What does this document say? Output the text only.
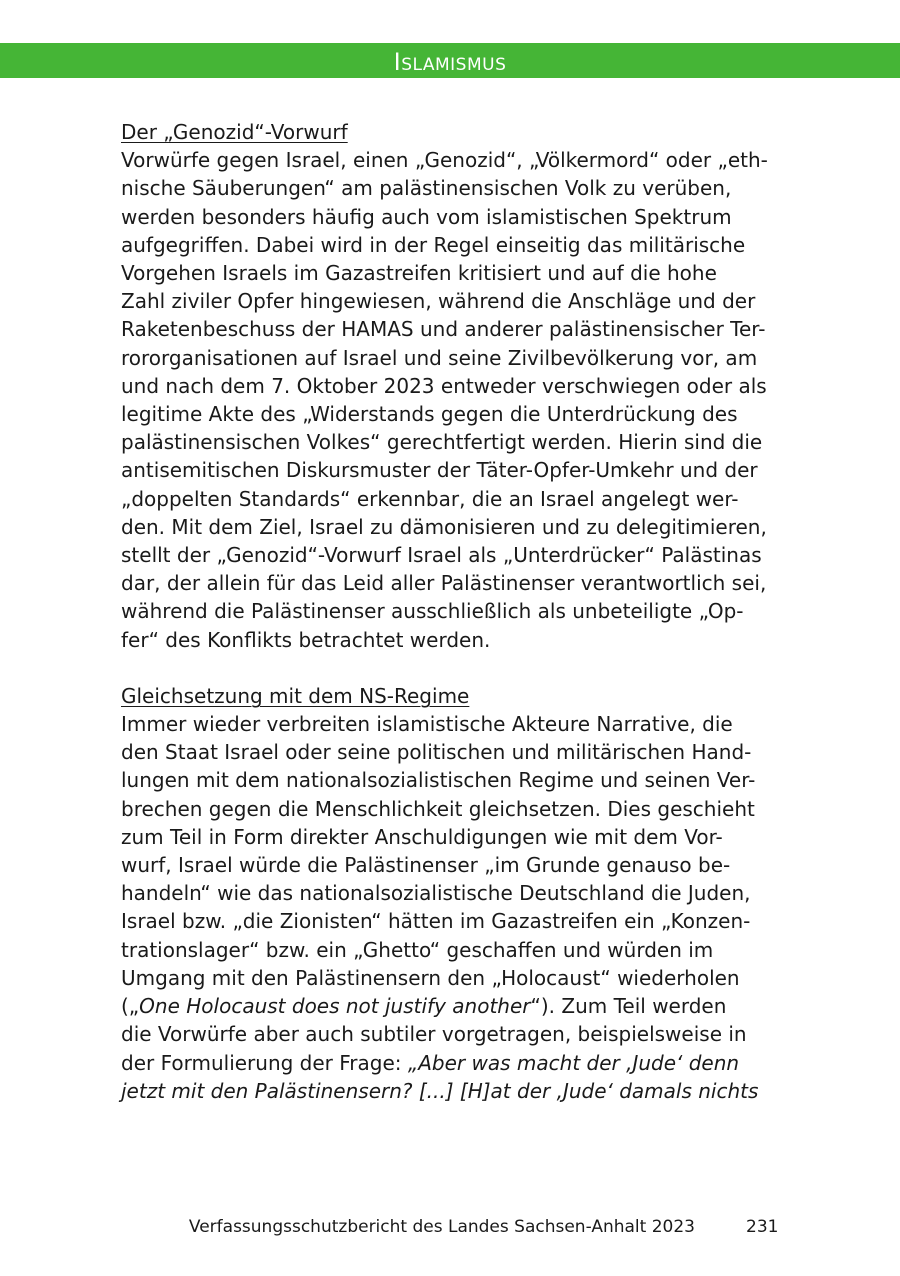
Islamismus
Der „Genozid“-Vorwurf

Vorwürfe gegen Israel, einen „Genozid“, „Völkermord“ oder „eth-
nische Säuberungen“ am palästinensischen Volk zu verüben,
werden besonders häufig auch vom islamistischen Spektrum
aufgegriffen. Dabei wird in der Regel einseitig das militärische
Vorgehen Israels im Gazastreifen kritisiert und auf die hohe
Zahl ziviler Opfer hingewiesen, während die Anschläge und der
Raketenbeschuss der HAMAS und anderer palästinensischer Ter-
rororganisationen auf Israel und seine Zivilbevölkerung vor, am
und nach dem 7. Oktober 2023 entweder verschwiegen oder als
legitime Akte des „Widerstands gegen die Unterdrückung des
palästinensischen Volkes“ gerechtfertigt werden. Hierin sind die
antisemitischen Diskursmuster der Täter-Opfer-Umkehr und der
„doppelten Standards“ erkennbar, die an Israel angelegt wer-
den. Mit dem Ziel, Israel zu dämonisieren und zu delegitimieren,
stellt der „Genozid“-Vorwurf Israel als „Unterdrücker“ Palästinas
dar, der allein für das Leid aller Palästinenser verantwortlich sei,
während die Palästinenser ausschließlich als unbeteiligte „Op-
fer“ des Konflikts betrachtet werden.

Gleichsetzung mit dem NS-Regime

Immer wieder verbreiten islamistische Akteure Narrative, die
den Staat Israel oder seine politischen und militärischen Hand-
lungen mit dem nationalsozialistischen Regime und seinen Ver-
brechen gegen die Menschlichkeit gleichsetzen. Dies geschieht
zum Teil in Form direkter Anschuldigungen wie mit dem Vor-
wurf, Israel würde die Palästinenser „im Grunde genauso be-
handeln“ wie das nationalsozialistische Deutschland die Juden,
Israel bzw. „die Zionisten“ hätten im Gazastreifen ein „Konzen-
trationslager“ bzw. ein „Ghetto“ geschaffen und würden im
Umgang mit den Palästinensern den „Holocaust“ wiederholen
(„One Holocaust does not justify another“). Zum Teil werden
die Vorwürfe aber auch subtiler vorgetragen, beispielsweise in
der Formulierung der Frage: „Aber was macht der ‚Jude‘ denn
jetzt mit den Palästinensern? [...] [H]at der ‚Jude‘ damals nichts

Verfassungsschutzbericht des Landes Sachsen-Anhalt 2023	231
